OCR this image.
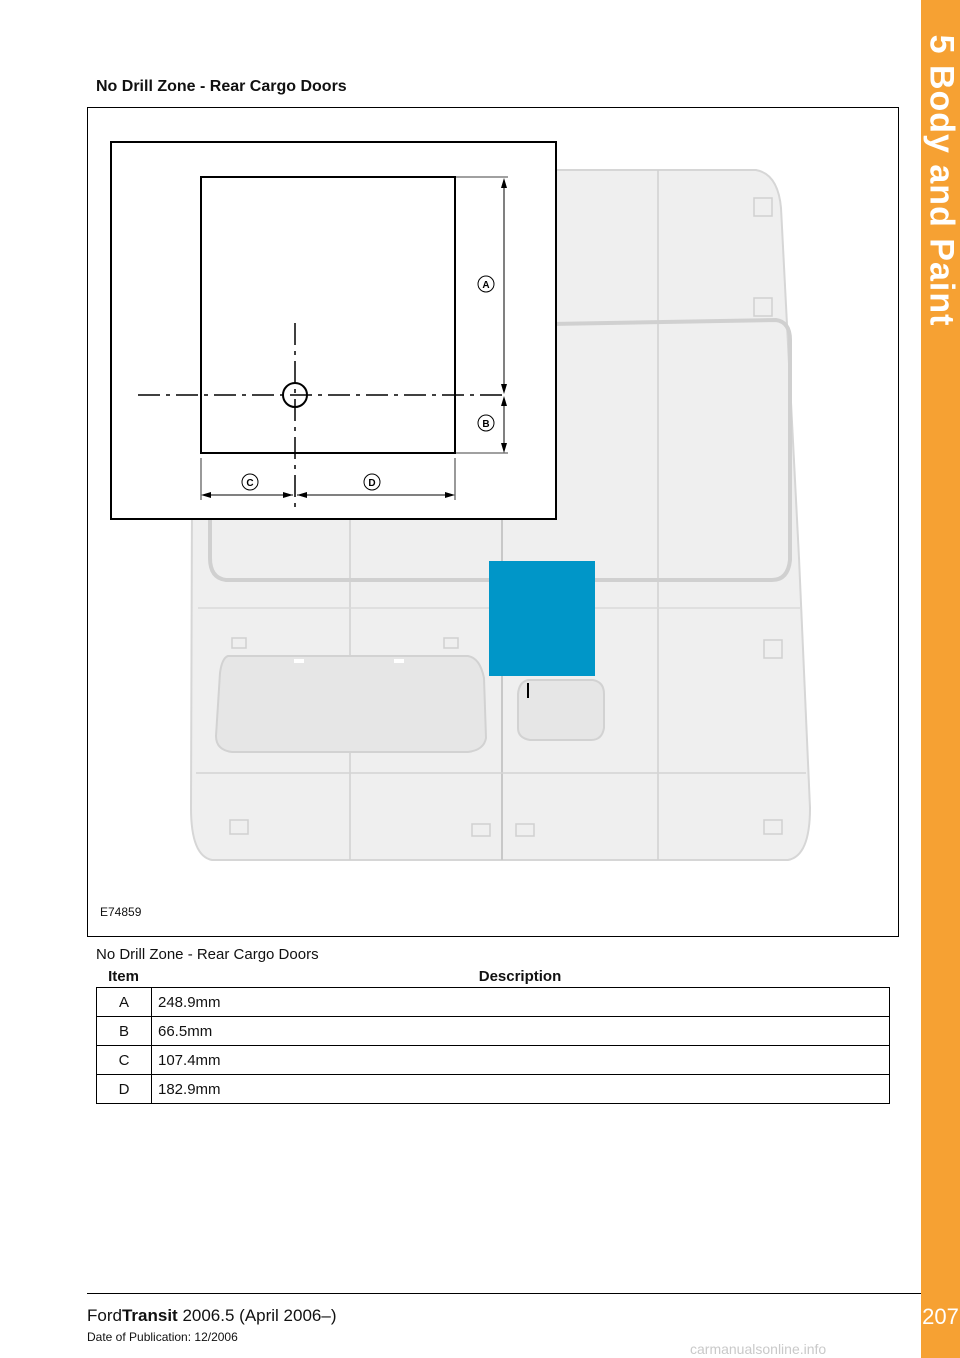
5 Body and Paint
207
No Drill Zone - Rear Cargo Doors
A
B
C	D
E74859
No Drill Zone - Rear Cargo Doors
Item	Description
A	248.9mm
B	66.5mm
C	107.4mm
D	182.9mm
FordTransit 2006.5 (April 2006–)
Date of Publication: 12/2006
carmanualsonline.info
